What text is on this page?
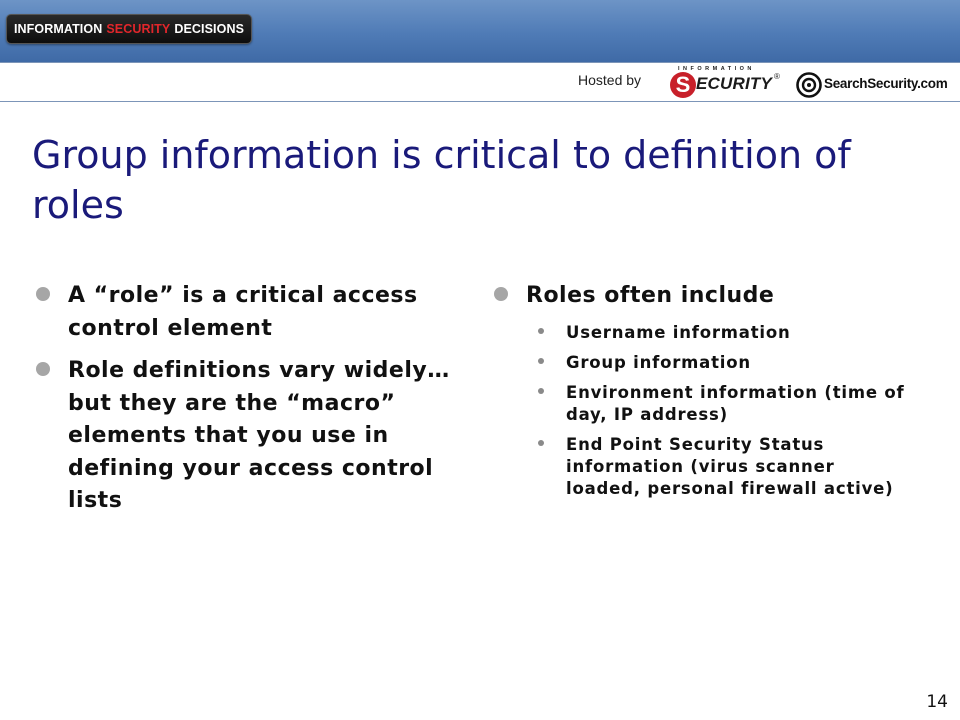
INFORMATION SECURITY DECISIONS
Hosted by
INFORMATION
S ECURITY ®	SearchSecurity.com
Group information is critical to definition of roles
A “role” is a critical access control element
Role definitions vary widely… but they are the “macro” elements that you use in defining your access control lists
Roles often include
Username information
Group information
Environment information (time of day, IP address)
End Point Security Status information (virus scanner loaded, personal firewall active)
14
